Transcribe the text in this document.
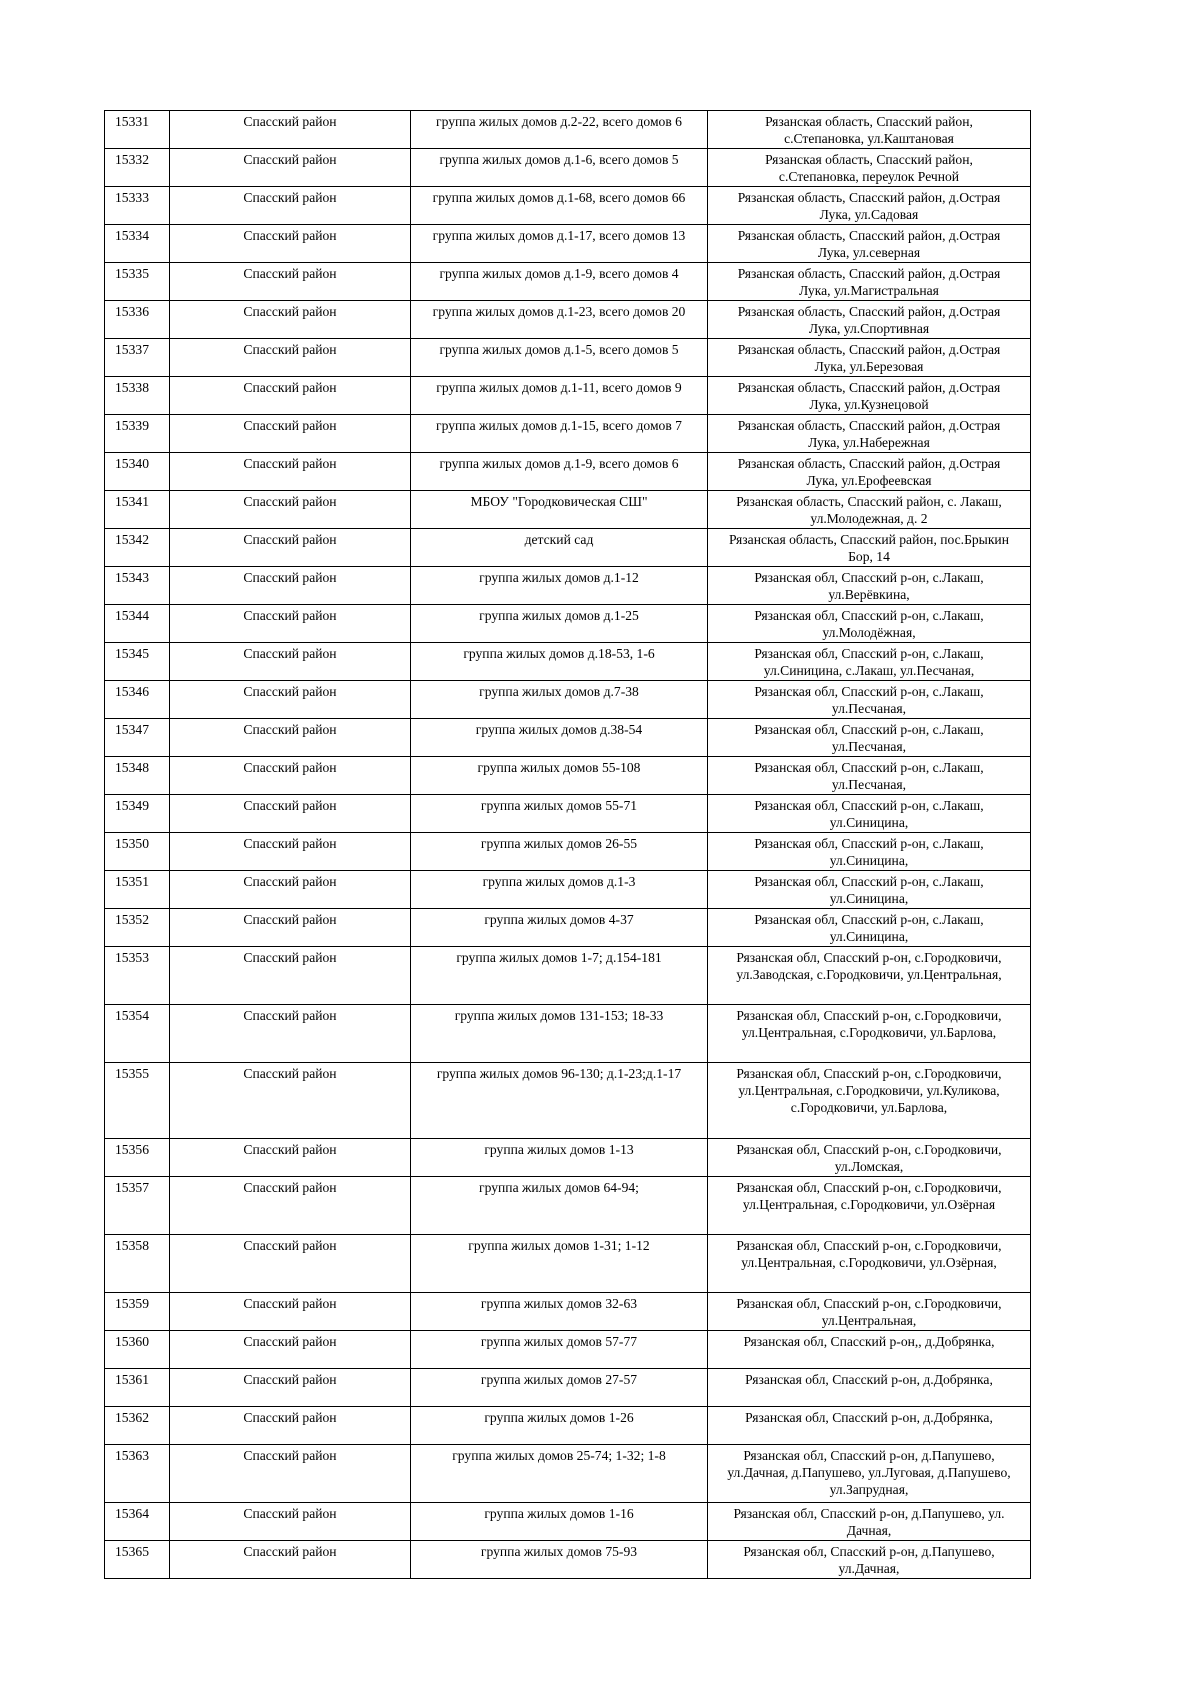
15331	Спасский район	группа жилых домов д.2-22, всего домов 6	Рязанская область, Спасский район,
с.Степановка, ул.Каштановая

15332	Спасский район	группа жилых домов д.1-6, всего домов 5	Рязанская область, Спасский район,
с.Степановка, переулок Речной

15333	Спасский район	группа жилых домов д.1-68, всего домов 66	Рязанская область, Спасский район, д.Острая
Лука, ул.Садовая

15334	Спасский район	группа жилых домов д.1-17, всего домов 13	Рязанская область, Спасский район, д.Острая
Лука, ул.северная

15335	Спасский район	группа жилых домов д.1-9, всего домов 4	Рязанская область, Спасский район, д.Острая
Лука, ул.Магистральная

15336	Спасский район	группа жилых домов д.1-23, всего домов 20	Рязанская область, Спасский район, д.Острая
Лука, ул.Спортивная

15337	Спасский район	группа жилых домов д.1-5, всего домов 5	Рязанская область, Спасский район, д.Острая
Лука, ул.Березовая

15338	Спасский район	группа жилых домов д.1-11, всего домов 9	Рязанская область, Спасский район, д.Острая
Лука, ул.Кузнецовой

15339	Спасский район	группа жилых домов д.1-15, всего домов 7	Рязанская область, Спасский район, д.Острая
Лука, ул.Набережная

15340	Спасский район	группа жилых домов д.1-9, всего домов 6	Рязанская область, Спасский район, д.Острая
Лука, ул.Ерофеевская

15341	Спасский район	МБОУ "Городковическая СШ"	Рязанская область, Спасский район, с. Лакаш,
ул.Молодежная, д. 2

15342	Спасский район	детский сад	Рязанская область, Спасский район, пос.Брыкин
Бор, 14

15343	Спасский район	группа жилых домов д.1-12	Рязанская обл, Спасский р-он, с.Лакаш,
ул.Верёвкина,

15344	Спасский район	группа жилых домов д.1-25	Рязанская обл, Спасский р-он, с.Лакаш,
ул.Молодёжная,

15345	Спасский район	группа жилых домов д.18-53, 1-6	Рязанская обл, Спасский р-он, с.Лакаш,
ул.Синицина, с.Лакаш, ул.Песчаная,

15346	Спасский район	группа жилых домов д.7-38	Рязанская обл, Спасский р-он, с.Лакаш,
ул.Песчаная,

15347	Спасский район	группа жилых домов д.38-54	Рязанская обл, Спасский р-он, с.Лакаш,
ул.Песчаная,

15348	Спасский район	группа жилых домов 55-108	Рязанская обл, Спасский р-он, с.Лакаш,
ул.Песчаная,

15349	Спасский район	группа жилых домов 55-71	Рязанская обл, Спасский р-он, с.Лакаш,
ул.Синицина,

15350	Спасский район	группа жилых домов 26-55	Рязанская обл, Спасский р-он, с.Лакаш,
ул.Синицина,

15351	Спасский район	группа жилых домов д.1-3	Рязанская обл, Спасский р-он, с.Лакаш,
ул.Синицина,

15352	Спасский район	группа жилых домов 4-37	Рязанская обл, Спасский р-он, с.Лакаш,
ул.Синицина,

15353	Спасский район	группа жилых домов 1-7; д.154-181	Рязанская обл, Спасский р-он, с.Городковичи,
ул.Заводская, с.Городковичи, ул.Центральная,

15354	Спасский район	группа жилых домов 131-153; 18-33	Рязанская обл, Спасский р-он, с.Городковичи,
ул.Центральная, с.Городковичи, ул.Барлова,

15355	Спасский район	группа жилых домов 96-130; д.1-23;д.1-17	Рязанская обл, Спасский р-он, с.Городковичи,
ул.Центральная, с.Городковичи, ул.Куликова,
с.Городковичи, ул.Барлова,

15356	Спасский район	группа жилых домов 1-13	Рязанская обл, Спасский р-он, с.Городковичи,
ул.Ломская,

15357	Спасский район	группа жилых домов 64-94;	Рязанская обл, Спасский р-он, с.Городковичи,
ул.Центральная, с.Городковичи, ул.Озёрная

15358	Спасский район	группа жилых домов 1-31; 1-12	Рязанская обл, Спасский р-он, с.Городковичи,
ул.Центральная, с.Городковичи, ул.Озёрная,

15359	Спасский район	группа жилых домов 32-63	Рязанская обл, Спасский р-он, с.Городковичи,
ул.Центральная,

15360	Спасский район	группа жилых домов 57-77	Рязанская обл, Спасский р-он,, д.Добрянка,

15361	Спасский район	группа жилых домов 27-57	Рязанская обл, Спасский р-он, д.Добрянка,

15362	Спасский район	группа жилых домов 1-26	Рязанская обл, Спасский р-он, д.Добрянка,

15363	Спасский район	группа жилых домов 25-74; 1-32; 1-8	Рязанская обл, Спасский р-он, д.Папушево,
ул.Дачная, д.Папушево, ул.Луговая, д.Папушево,
ул.Запрудная,

15364	Спасский район	группа жилых домов 1-16	Рязанская обл, Спасский р-он, д.Папушево, ул.
Дачная,

15365	Спасский район	группа жилых домов 75-93	Рязанская обл, Спасский р-он, д.Папушево,
ул.Дачная,
